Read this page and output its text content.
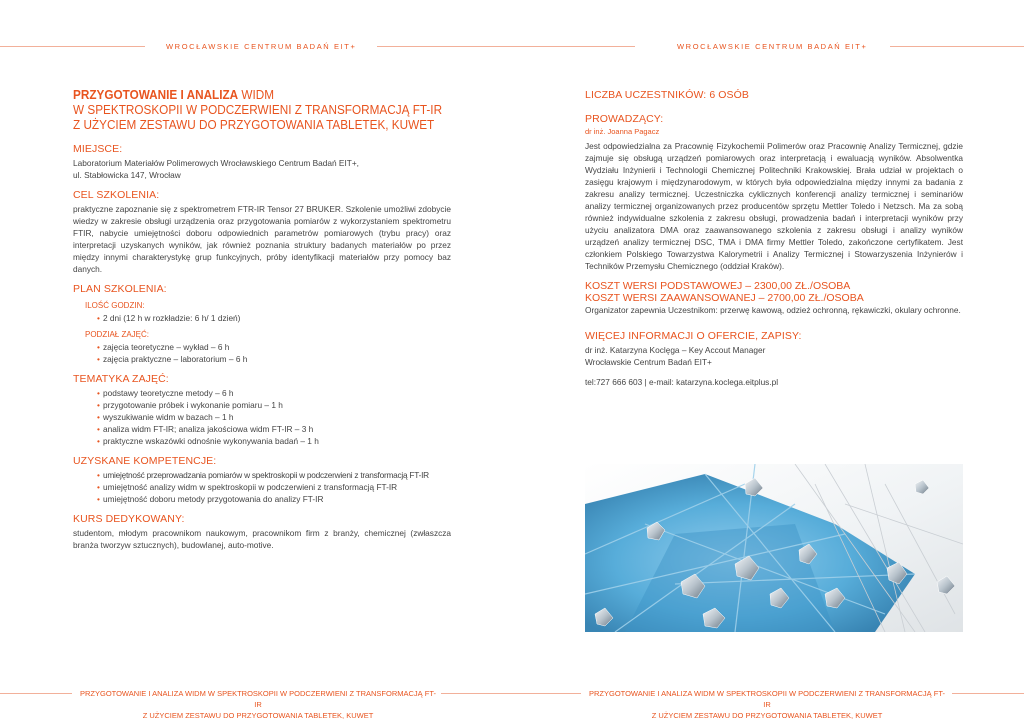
WROCŁAWSKIE CENTRUM BADAŃ EIT+	WROCŁAWSKIE CENTRUM BADAŃ EIT+
PRZYGOTOWANIE I ANALIZA WIDM
W SPEKTROSKOPII W PODCZERWIENI Z TRANSFORMACJĄ FT-IR
Z UŻYCIEM ZESTAWU DO PRZYGOTOWANIA TABLETEK, KUWET
MIEJSCE:

Laboratorium Materiałów Polimerowych Wrocławskiego Centrum Badań EIT+,

ul. Stabłowicka 147, Wrocław

CEL SZKOLENIA:

praktyczne zapoznanie się z spektrometrem FTR-IR Tensor 27 BRUKER. Szkolenie umożliwi zdobycie wiedzy w zakresie obsługi urządzenia oraz przygotowania pomiarów z wykorzystaniem spektrometru FTIR, nabycie umiejętności doboru odpowiednich parametrów pomiarowych (trybu pracy) oraz interpretacji uzyskanych wyników, jak również poznania struktury badanych materiałów po przez między innymi charakterystykę grup funkcyjnych, próby identyfikacji materiałów przy pomocy baz danych.

PLAN SZKOLENIA:
ILOŚĆ GODZIN:
• 2 dni (12 h w rozkładzie: 6 h/ 1 dzień)
PODZIAŁ ZAJĘĆ:
• zajęcia teoretyczne – wykład – 6 h
• zajęcia praktyczne – laboratorium – 6 h
TEMATYKA ZAJĘĆ:
• podstawy teoretyczne metody – 6 h
• przygotowanie próbek i wykonanie pomiaru – 1 h
• wyszukiwanie widm w bazach – 1 h
• analiza widm FT-IR; analiza jakościowa widm FT-IR – 3 h
• praktyczne wskazówki odnośnie wykonywania badań – 1 h
UZYSKANE KOMPETENCJE:
• umiejętność przeprowadzania pomiarów w spektroskopii w podczerwieni z transformacją FT-IR
• umiejętność analizy widm w spektroskopii w podczerwieni z transformacją FT-IR
• umiejętność doboru metody przygotowania do analizy FT-IR
KURS DEDYKOWANY:

studentom, młodym pracownikom naukowym, pracownikom firm z branży, chemicznej (zwłaszcza branża tworzyw sztucznych), budowlanej, auto-motive.

LICZBA UCZESTNIKÓW: 6 OSÓB
PROWADZĄCY:
dr inż. Joanna Pagacz

Jest odpowiedzialna za Pracownię Fizykochemii Polimerów oraz Pracownię Analizy Termicznej, gdzie zajmuje się obsługą urządzeń pomiarowych oraz interpretacją i ewaluacją wyników. Absolwentka Wydziału Inżynierii i Technologii Chemicznej Politechniki Krakowskiej. Brała udział w projektach o zasięgu krajowym i międzynarodowym, w których była odpowiedzialna między innymi za badania z zakresu analizy termicznej. Uczestniczka cyklicznych konferencji analizy termicznej i seminariów analizy termicznej organizowanych przez producentów sprzętu Mettler Toledo i Netzsch. Ma za sobą również indywidualne szkolenia z zakresu obsługi, prowadzenia badań i interpretacji wyników przy użyciu analizatora DMA oraz zaawansowanego szkolenia z zakresu obsługi i analizy wyników urządzeń analizy termicznej DSC, TMA i DMA firmy Mettler Toledo, zakończone certyfikatem. Jest członkiem Polskiego Towarzystwa Kalorymetrii i Analizy Termicznej i Stowarzyszenia Inżynierów i Techników Przemysłu Chemicznego (oddział Kraków).

KOSZT WERSI PODSTAWOWEJ – 2300,00 ZŁ./OSOBA
KOSZT WERSI ZAAWANSOWANEJ – 2700,00 ZŁ./OSOBA

Organizator zapewnia Uczestnikom: przerwę kawową, odzież ochronną, rękawiczki, okulary ochronne.

WIĘCEJ INFORMACJI O OFERCIE, ZAPISY:

dr inż. Katarzyna Koclęga – Key Accout Manager

Wrocławskie Centrum Badań EIT+

tel:727 666 603 | e-mail: katarzyna.koclega.eitplus.pl

PRZYGOTOWANIE I ANALIZA WIDM W SPEKTROSKOPII W PODCZERWIENI Z TRANSFORMACJĄ FT-IR
Z UŻYCIEM ZESTAWU DO PRZYGOTOWANIA TABLETEK, KUWET
PRZYGOTOWANIE I ANALIZA WIDM W SPEKTROSKOPII W PODCZERWIENI Z TRANSFORMACJĄ FT-IR
Z UŻYCIEM ZESTAWU DO PRZYGOTOWANIA TABLETEK, KUWET
